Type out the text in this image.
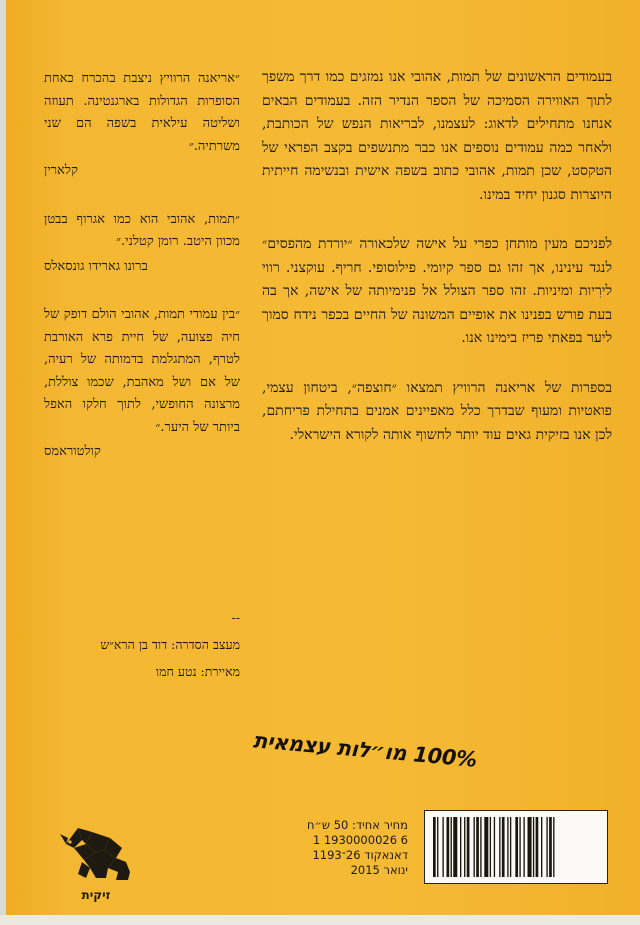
בעמודים הראשונים של תמות, אהובי אנו נמזגים כמו דרך משפך לתוך האווירה הסמיכה של הספר הנדיר הזה. בעמודים הבאים אנחנו מתחילים לדאוג: לעצמנו, לבריאות הנפש של הכותבת, ולאחר כמה עמודים נוספים אנו כבר מתנשפים בקצב הפראי של הטקסט, שכן תמות, אהובי כתוב בשפה אישית ובנשימה חייתית היוצרות סגנון יחיד במינו.

לפניכם מעין מותחן כפרי על אישה שלכאורה ״יורדת מהפסים״ לנגד עינינו, אך זהו גם ספר קיומי. פילוסופי. חריף. עוקצני. רווי לירִיות ומיניות. זהו ספר הצולל אל פנימיותה של אישה, אך בה בעת פורש בפנינו את אופיים המשונה של החיים בכפר נידח סמוך ליער בפאתי פריז בימינו אנו.

בספרות של אריאנה הרוויץ תמצאו ״חוצפה״, ביטחון עצמי, פואטיות ומעוף שבדרך כלל מאפיינים אמנים בתחילת פריחתם, לכן אנו בזיקית גאים עוד יותר לחשוף אותה לקורא הישראלי.

״אריאנה הרוויץ ניצבת בהכרח כאחת הסופרות הגדולות בארגנטינה. תעוזה ושליטה עילאית בשפה הם שני משרתיה.״

קלארין

״תמות, אהובי הוא כמו אגרוף בבטן מכוון היטב. רומן קטלני.״

ברונו גארידו גונסאלס

״בין עמודי תמות, אהובי הולם דופק של חיה פצועה, של חיית פרא האורבת לטרף, המתגלמת בדמותה של רעיה, של אם ושל מאהבת, שכמו צוללת, מרצונה החופשי, לתוך חלקו האפל ביותר של היער.״

קולטוראמס

--
מעצב הסדרה: דוד בן הרא״ש
מאיירת: נטע חמו
100% מו״לות עצמאית
מחיר אחיד: 50 ש״ח
1 1930000026 6
דאנאקוד 26־1193
ינואר 2015
זיקית
